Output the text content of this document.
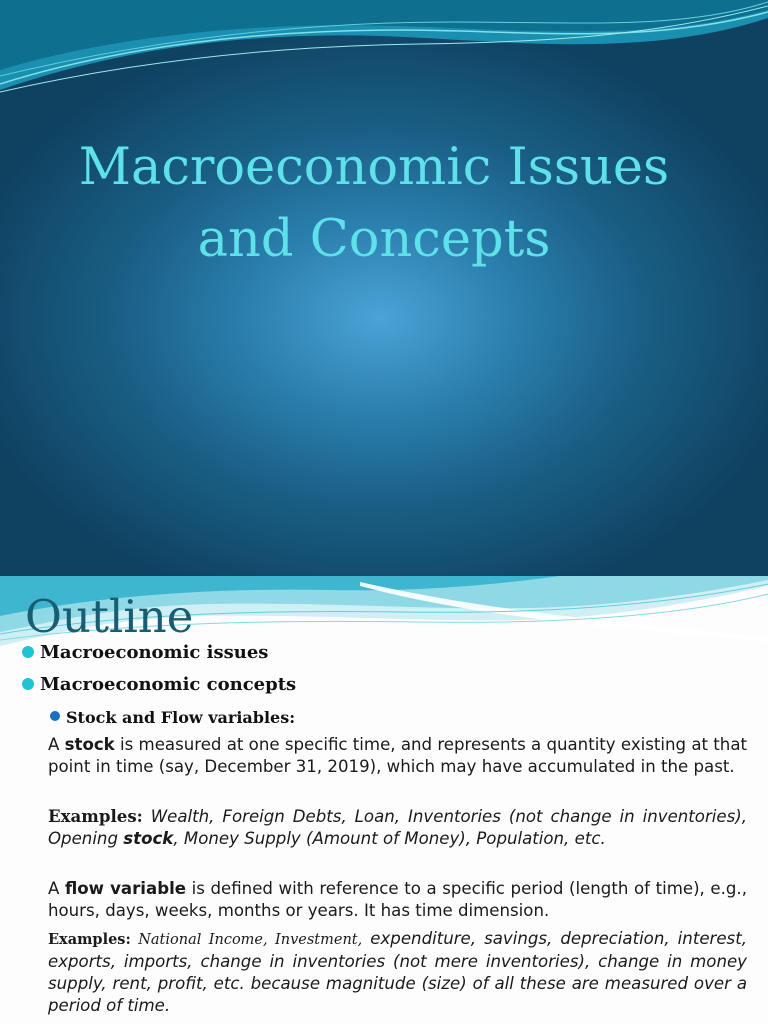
Macroeconomic Issues
and Concepts
Outline
Macroeconomic issues
Macroeconomic concepts
Stock and Flow variables:

A stock is measured at one specific time, and represents a quantity existing at that point in time (say, December 31, 2019), which may have accumulated in the past.

Examples: Wealth, Foreign Debts, Loan, Inventories (not change in inventories), Opening stock, Money Supply (Amount of Money), Population, etc.

A flow variable is defined with reference to a specific period (length of time), e.g., hours, days, weeks, months or years. It has time dimension.

Examples: National Income, Investment, expenditure, savings, depreciation, interest, exports, imports, change in inventories (not mere inventories), change in money supply, rent, profit, etc. because magnitude (size) of all these are measured over a period of time.
